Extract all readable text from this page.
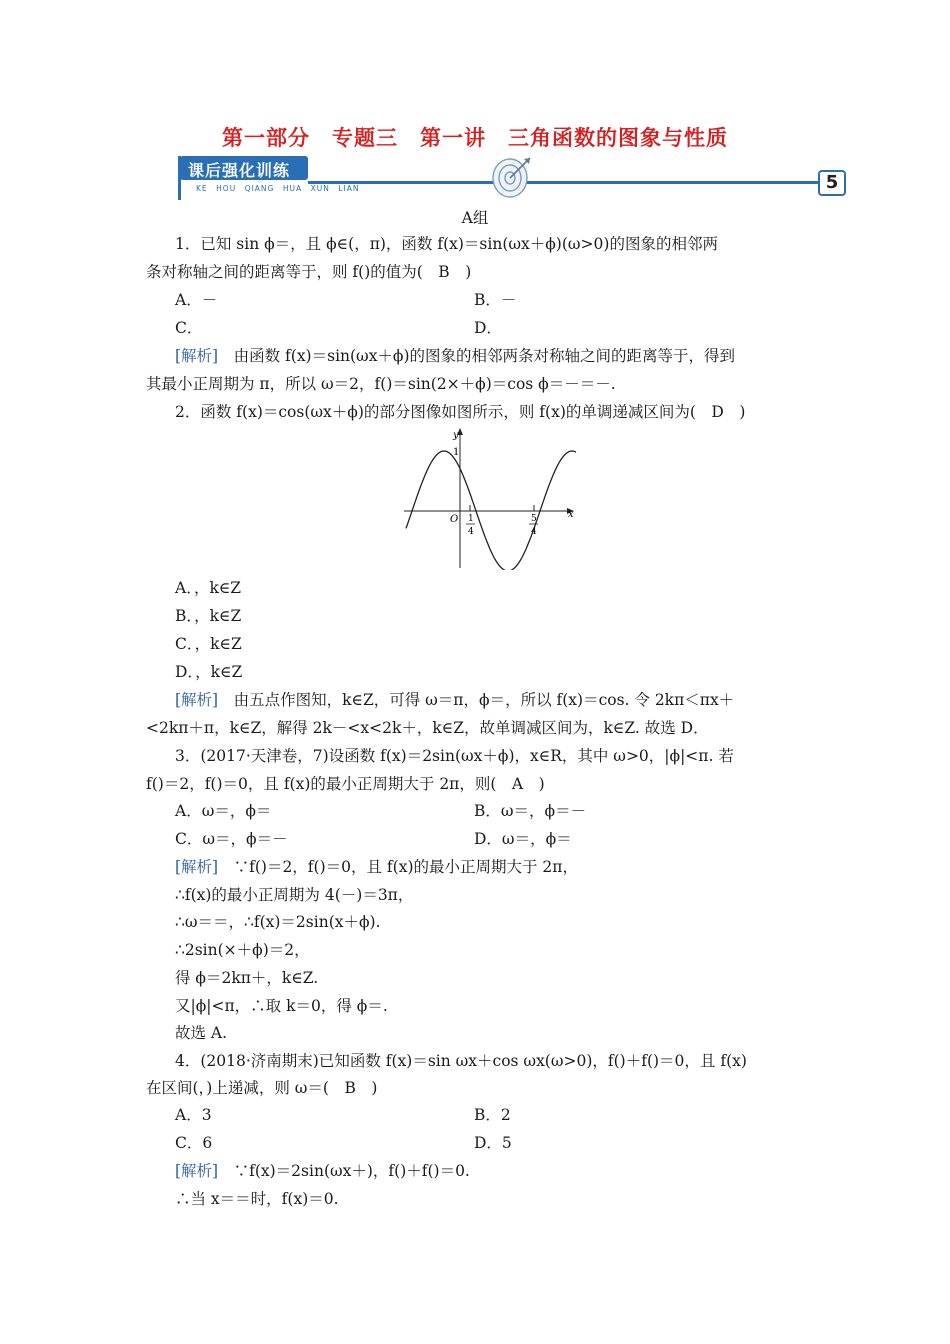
第一部分　专题三　第一讲　三角函数的图象与性质
课后强化训练
KE　HOU　QIANG　HUA　XUN　LIAN	5
A组
1．已知 sin ϕ＝，且 ϕ∈(，π)，函数 f(x)＝sin(ωx＋ϕ)(ω>0)的图象的相邻两
条对称轴之间的距离等于，则 f()的值为(　B　)
A．－	B．－
C．	D．
[解析]　由函数 f(x)＝sin(ωx＋ϕ)的图象的相邻两条对称轴之间的距离等于，得到
其最小正周期为 π，所以 ω＝2，f()＝sin(2×＋ϕ)＝cos ϕ＝－＝－.
2．函数 f(x)＝cos(ωx＋ϕ)的部分图像如图所示，则 f(x)的单调递减区间为(　D　)
y
x
O
1
1
4
5
4
A．，k∈Z
B．，k∈Z
C．，k∈Z
D．，k∈Z
[解析]　由五点作图知，k∈Z，可得 ω＝π，ϕ＝，所以 f(x)＝cos. 令 2kπ＜πx＋
<2kπ＋π，k∈Z，解得 2k－<x<2k＋，k∈Z，故单调减区间为，k∈Z. 故选 D．
3．(2017·天津卷，7)设函数 f(x)＝2sin(ωx＋ϕ)，x∈R，其中 ω>0，|ϕ|<π. 若
f()＝2，f()＝0，且 f(x)的最小正周期大于 2π，则(　A　)
A．ω＝，ϕ＝	B．ω＝，ϕ＝－
C．ω＝，ϕ＝－	D．ω＝，ϕ＝
[解析]　∵f()＝2，f()＝0，且 f(x)的最小正周期大于 2π，
∴f(x)的最小正周期为 4(－)＝3π，
∴ω＝＝，∴f(x)＝2sin(x＋ϕ).
∴2sin(×＋ϕ)＝2，
得 ϕ＝2kπ＋，k∈Z.
又|ϕ|<π，∴取 k＝0，得 ϕ＝.
故选 A.
4．(2018·济南期末)已知函数 f(x)＝sin ωx＋cos ωx(ω>0)，f()＋f()＝0，且 f(x)
在区间(，)上递减，则 ω＝(　B　)
A．3	B．2
C．6	D．5
[解析]　∵f(x)＝2sin(ωx＋)，f()＋f()＝0.
∴当 x＝＝时，f(x)＝0.
